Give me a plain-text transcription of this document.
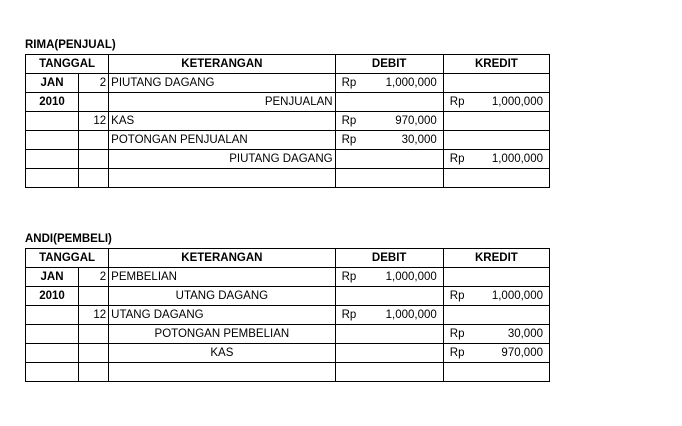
RIMA(PENJUAL)
TANGGAL		KETERANGAN	DEBIT	KREDIT
JAN	2	PIUTANG DAGANG	Rp 1,000,000	

2010		PENJUALAN		Rp 1,000,000

	12	KAS	Rp 970,000	

		POTONGAN PENJUALAN	Rp 30,000	

		PIUTANG DAGANG		Rp 1,000,000

ANDI(PEMBELI)
TANGGAL		KETERANGAN	DEBIT	KREDIT
JAN	2	PEMBELIAN	Rp 1,000,000	

2010		UTANG DAGANG		Rp 1,000,000

	12	UTANG DAGANG	Rp 1,000,000	

		POTONGAN PEMBELIAN		Rp 30,000

		KAS		Rp 970,000
